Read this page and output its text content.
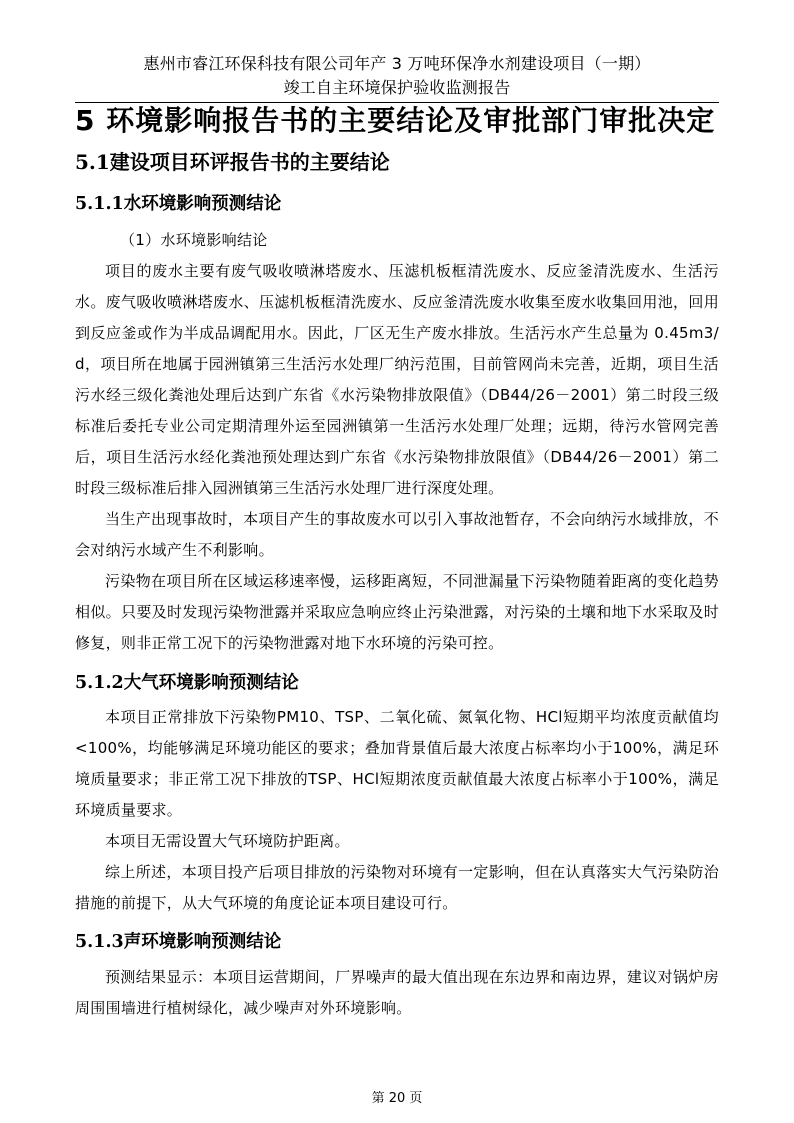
惠州市睿江环保科技有限公司年产 3 万吨环保净水剂建设项目（一期）
竣工自主环境保护验收监测报告
5 环境影响报告书的主要结论及审批部门审批决定
5.1建设项目环评报告书的主要结论
5.1.1水环境影响预测结论
（1）水环境影响结论
项目的废水主要有废气吸收喷淋塔废水、压滤机板框清洗废水、反应釜清洗废水、生活污水。废气吸收喷淋塔废水、压滤机板框清洗废水、反应釜清洗废水收集至废水收集回用池，回用到反应釜或作为半成品调配用水。因此，厂区无生产废水排放。生活污水产生总量为 0.45m3/d，项目所在地属于园洲镇第三生活污水处理厂纳污范围，目前管网尚未完善，近期，项目生活污水经三级化粪池处理后达到广东省《水污染物排放限值》（DB44/26－2001）第二时段三级标准后委托专业公司定期清理外运至园洲镇第一生活污水处理厂处理；远期，待污水管网完善后，项目生活污水经化粪池预处理达到广东省《水污染物排放限值》（DB44/26－2001）第二时段三级标准后排入园洲镇第三生活污水处理厂进行深度处理。
当生产出现事故时，本项目产生的事故废水可以引入事故池暂存，不会向纳污水域排放，不会对纳污水域产生不利影响。
污染物在项目所在区域运移速率慢，运移距离短，不同泄漏量下污染物随着距离的变化趋势相似。只要及时发现污染物泄露并采取应急响应终止污染泄露，对污染的土壤和地下水采取及时修复，则非正常工况下的污染物泄露对地下水环境的污染可控。
5.1.2大气环境影响预测结论
本项目正常排放下污染物PM10、TSP、二氧化硫、氮氧化物、HCl短期平均浓度贡献值均<100%，均能够满足环境功能区的要求；叠加背景值后最大浓度占标率均小于100%，满足环境质量要求；非正常工况下排放的TSP、HCl短期浓度贡献值最大浓度占标率小于100%，满足环境质量要求。
本项目无需设置大气环境防护距离。
综上所述，本项目投产后项目排放的污染物对环境有一定影响，但在认真落实大气污染防治措施的前提下，从大气环境的角度论证本项目建设可行。
5.1.3声环境影响预测结论
预测结果显示：本项目运营期间，厂界噪声的最大值出现在东边界和南边界，建议对锅炉房周围围墙进行植树绿化，减少噪声对外环境影响。
第 20 页
